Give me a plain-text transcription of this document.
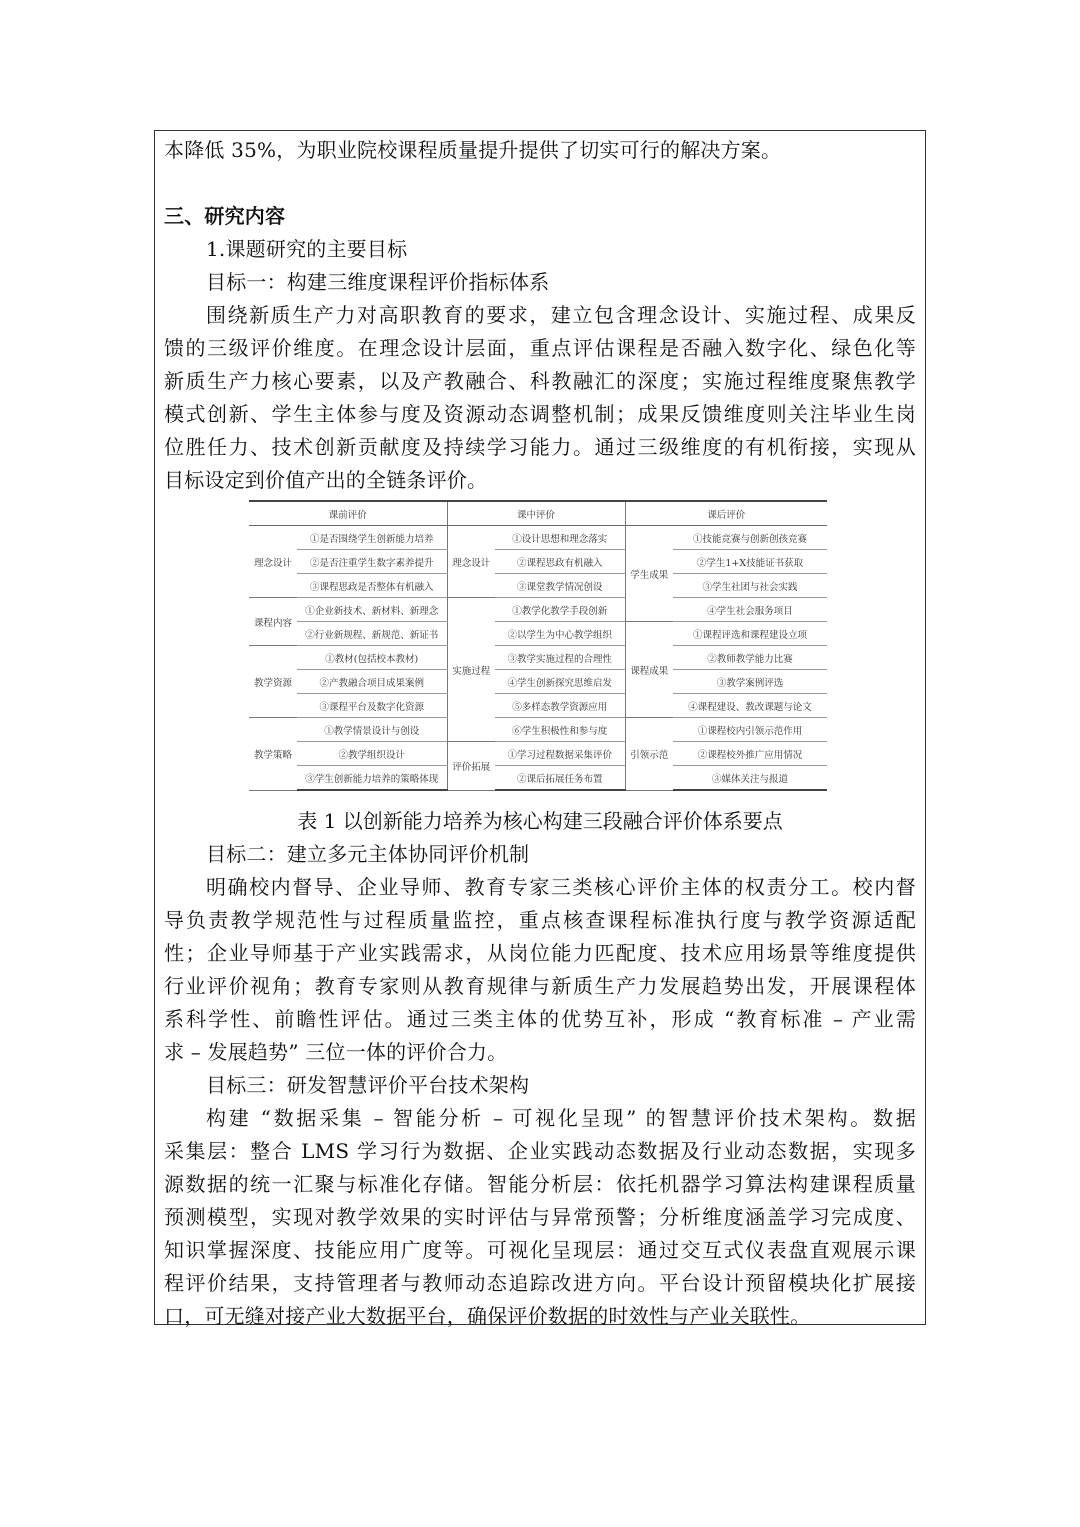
本降低 35%，为职业院校课程质量提升提供了切实可行的解决方案。
三、研究内容
1.课题研究的主要目标
目标一：构建三维度课程评价指标体系
围绕新质生产力对高职教育的要求，建立包含理念设计、实施过程、成果反
馈的三级评价维度。在理念设计层面，重点评估课程是否融入数字化、绿色化等
新质生产力核心要素，以及产教融合、科教融汇的深度；实施过程维度聚焦教学
模式创新、学生主体参与度及资源动态调整机制；成果反馈维度则关注毕业生岗
位胜任力、技术创新贡献度及持续学习能力。通过三级维度的有机衔接，实现从
目标设定到价值产出的全链条评价。
课前评价		课中评价		课后评价	
理念设计	①是否围绕学生创新能力培养	理念设计	①设计思想和理念落实	学生成果	①技能竞赛与创新创孩竞赛
	②是否注重学生数字素养提升		②课程思政有机融入		②学生1+X技能证书获取
	③课程思政是否整体有机融入		③课堂教学情况创设		③学生社团与社会实践
课程内容	①企业新技术、新材料、新理念	实施过程	①教学化教学手段创新		④学生社会服务项目
	②行业新规程、新规范、新证书		②以学生为中心教学组织	课程成果	①课程评选和课程建设立项
教学资源	①教材(包括校本教材)		③教学实施过程的合理性		②教师教学能力比赛
	②产教融合项目成果案例		④学生创新探究思维启发		③教学案例评选
	③课程平台及数字化资源		⑤多样态教学资源应用		④课程建设、教改课题与论文
教学策略	①教学情景设计与创设		⑥学生积极性和参与度	引领示范	①课程校内引领示范作用
	②教学组织设计	评价拓展	①学习过程数据采集评价		②课程校外推广应用情况
	③学生创新能力培养的策略体现		②课后拓展任务布置		③媒体关注与报道
表 1 以创新能力培养为核心构建三段融合评价体系要点
目标二：建立多元主体协同评价机制
明确校内督导、企业导师、教育专家三类核心评价主体的权责分工。校内督
导负责教学规范性与过程质量监控，重点核查课程标准执行度与教学资源适配
性；企业导师基于产业实践需求，从岗位能力匹配度、技术应用场景等维度提供
行业评价视角；教育专家则从教育规律与新质生产力发展趋势出发，开展课程体
系科学性、前瞻性评估。通过三类主体的优势互补，形成 “教育标准 – 产业需
求 – 发展趋势” 三位一体的评价合力。
目标三：研发智慧评价平台技术架构
构建 “数据采集 – 智能分析 – 可视化呈现” 的智慧评价技术架构。数据
采集层：整合 LMS 学习行为数据、企业实践动态数据及行业动态数据，实现多
源数据的统一汇聚与标准化存储。智能分析层：依托机器学习算法构建课程质量
预测模型，实现对教学效果的实时评估与异常预警；分析维度涵盖学习完成度、
知识掌握深度、技能应用广度等。可视化呈现层：通过交互式仪表盘直观展示课
程评价结果，支持管理者与教师动态追踪改进方向。平台设计预留模块化扩展接
口，可无缝对接产业大数据平台，确保评价数据的时效性与产业关联性。
